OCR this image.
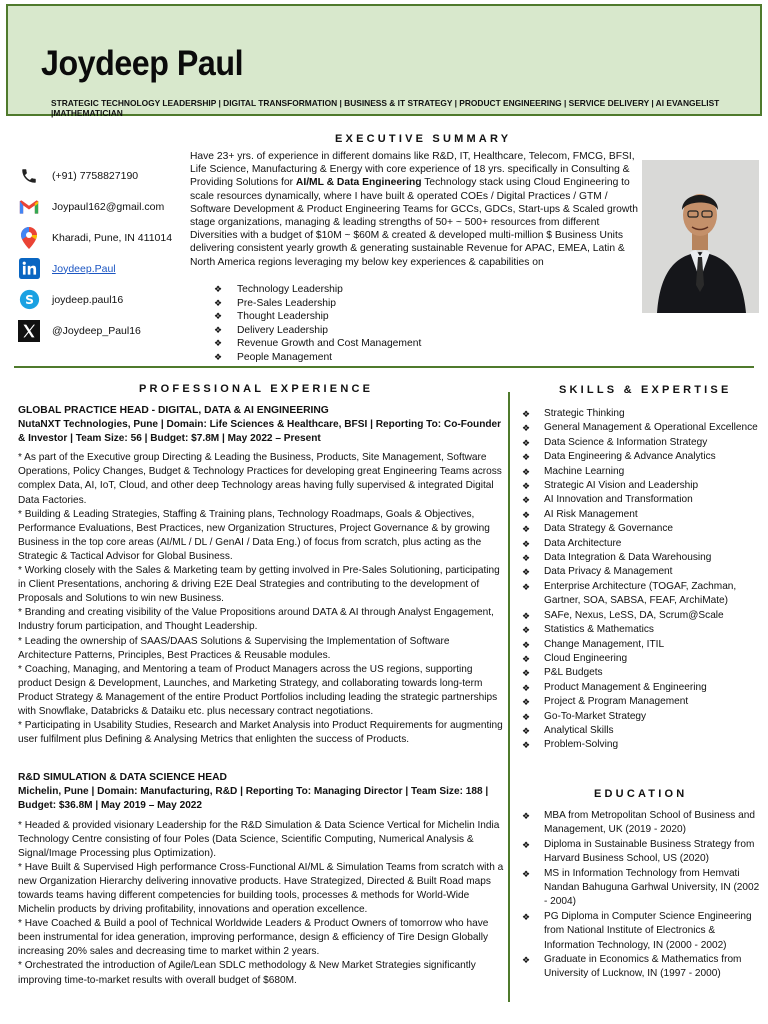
Joydeep Paul
STRATEGIC TECHNOLOGY LEADERSHIP | DIGITAL TRANSFORMATION | BUSINESS & IT STRATEGY | PRODUCT ENGINEERING | SERVICE DELIVERY | AI EVANGELIST |MATHEMATICIAN
EXECUTIVE SUMMARY
(+91) 7758827190
Joypaul162@gmail.com
Kharadi, Pune, IN 411014
Joydeep.Paul
S joydeep.paul16
@Joydeep_Paul16
Have 23+ yrs. of experience in different domains like R&D, IT, Healthcare, Telecom, FMCG, BFSI, Life Science, Manufacturing & Energy with core experience of 18 yrs. specifically in Consulting & Providing Solutions for AI/ML & Data Engineering Technology stack using Cloud Engineering to scale resources dynamically, where I have built & operated COEs / Digital Practices / GTM / Software Development & Product Engineering Teams for GCCs, GDCs, Start-ups & Scaled growth stage organizations, managing & leading strengths of 50+ ~ 500+ resources from different Diversities with a budget of $10M ~ $60M & created & developed multi-million $ Business Units delivering consistent yearly growth & generating sustainable Revenue for APAC, EMEA, Latin & North America regions leveraging my below key experiences & capabilities on
❖ Technology Leadership
❖ Pre-Sales Leadership
❖ Thought Leadership
❖ Delivery Leadership
❖ Revenue Growth and Cost Management
❖ People Management
PROFESSIONAL EXPERIENCE	SKILLS & EXPERTISE
EDUCATION
GLOBAL PRACTICE HEAD - DIGITAL, DATA & AI ENGINEERING
NutaNXT Technologies, Pune | Domain: Life Sciences & Healthcare, BFSI | Reporting To: Co-Founder & Investor | Team Size: 56 | Budget: $7.8M | May 2022 – Present

* As part of the Executive group Directing & Leading the Business, Products, Site Management, Software Operations, Policy Changes, Budget & Technology Practices for developing great Engineering Teams across complex Data, AI, IoT, Cloud, and other deep Technology areas having fully supervised & integrated Digital Data Factories.

* Building & Leading Strategies, Staffing & Training plans, Technology Roadmaps, Goals & Objectives, Performance Evaluations, Best Practices, new Organization Structures, Project Governance & by growing Business in the top core areas (AI/ML / DL / GenAI / Data Eng.) of focus from scratch, plus acting as the Strategic & Tactical Advisor for Global Business.

* Working closely with the Sales & Marketing team by getting involved in Pre-Sales Solutioning, participating in Client Presentations, anchoring & driving E2E Deal Strategies and contributing to the development of Proposals and Solutions to win new Business.

* Branding and creating visibility of the Value Propositions around DATA & AI through Analyst Engagement, Industry forum participation, and Thought Leadership.

* Leading the ownership of SAAS/DAAS Solutions & Supervising the Implementation of Software Architecture Patterns, Principles, Best Practices & Reusable modules.

* Coaching, Managing, and Mentoring a team of Product Managers across the US regions, supporting product Design & Development, Launches, and Marketing Strategy, and collaborating towards long-term Product Strategy & Management of the entire Product Portfolios including leading the strategic partnerships with Snowflake, Databricks & Dataiku etc. plus necessary contract negotiations.

* Participating in Usability Studies, Research and Market Analysis into Product Requirements for augmenting user fulfilment plus Defining & Analysing Metrics that enlighten the success of Products.

R&D SIMULATION & DATA SCIENCE HEAD
Michelin, Pune | Domain: Manufacturing, R&D | Reporting To: Managing Director | Team Size: 188 | Budget: $36.8M | May 2019 – May 2022

* Headed & provided visionary Leadership for the R&D Simulation & Data Science Vertical for Michelin India Technology Centre consisting of four Poles (Data Science, Scientific Computing, Numerical Analysis & Signal/Image Processing plus Optimization).

* Have Built & Supervised High performance Cross-Functional AI/ML & Simulation Teams from scratch with a new Organization Hierarchy delivering innovative products. Have Strategized, Directed & Built Road maps towards teams having different competencies for building tools, processes & methods for World-Wide Michelin products by driving profitability, innovations and operation excellence.

* Have Coached & Build a pool of Technical Worldwide Leaders & Product Owners of tomorrow who have been instrumental for idea generation, improving performance, design & efficiency of Tire Design Globally increasing 20% sales and decreasing time to market within 2 years.

* Orchestrated the introduction of Agile/Lean SDLC methodology & New Market Strategies significantly improving time-to-market results with overall budget of $680M.

❖ Strategic Thinking
❖ General Management & Operational Excellence
❖ Data Science & Information Strategy
❖ Data Engineering & Advance Analytics
❖ Machine Learning
❖ Strategic AI Vision and Leadership
❖ AI Innovation and Transformation
❖ AI Risk Management
❖ Data Strategy & Governance
❖ Data Architecture
❖ Data Integration & Data Warehousing
❖ Data Privacy & Management
❖ Enterprise Architecture (TOGAF, Zachman, Gartner, SOA, SABSA, FEAF, ArchiMate)
❖ SAFe, Nexus, LeSS, DA, Scrum@Scale
❖ Statistics & Mathematics
❖ Change Management, ITIL
❖ Cloud Engineering
❖ P&L Budgets
❖ Product Management & Engineering
❖ Project & Program Management
❖ Go-To-Market Strategy
❖ Analytical Skills
❖ Problem-Solving
❖ MBA from Metropolitan School of Business and Management, UK (2019 - 2020)
❖ Diploma in Sustainable Business Strategy from Harvard Business School, US (2020)
❖ MS in Information Technology from Hemvati Nandan Bahuguna Garhwal University, IN (2002 - 2004)
❖ PG Diploma in Computer Science Engineering from National Institute of Electronics & Information Technology, IN (2000 - 2002)
❖ Graduate in Economics & Mathematics from University of Lucknow, IN (1997 - 2000)
